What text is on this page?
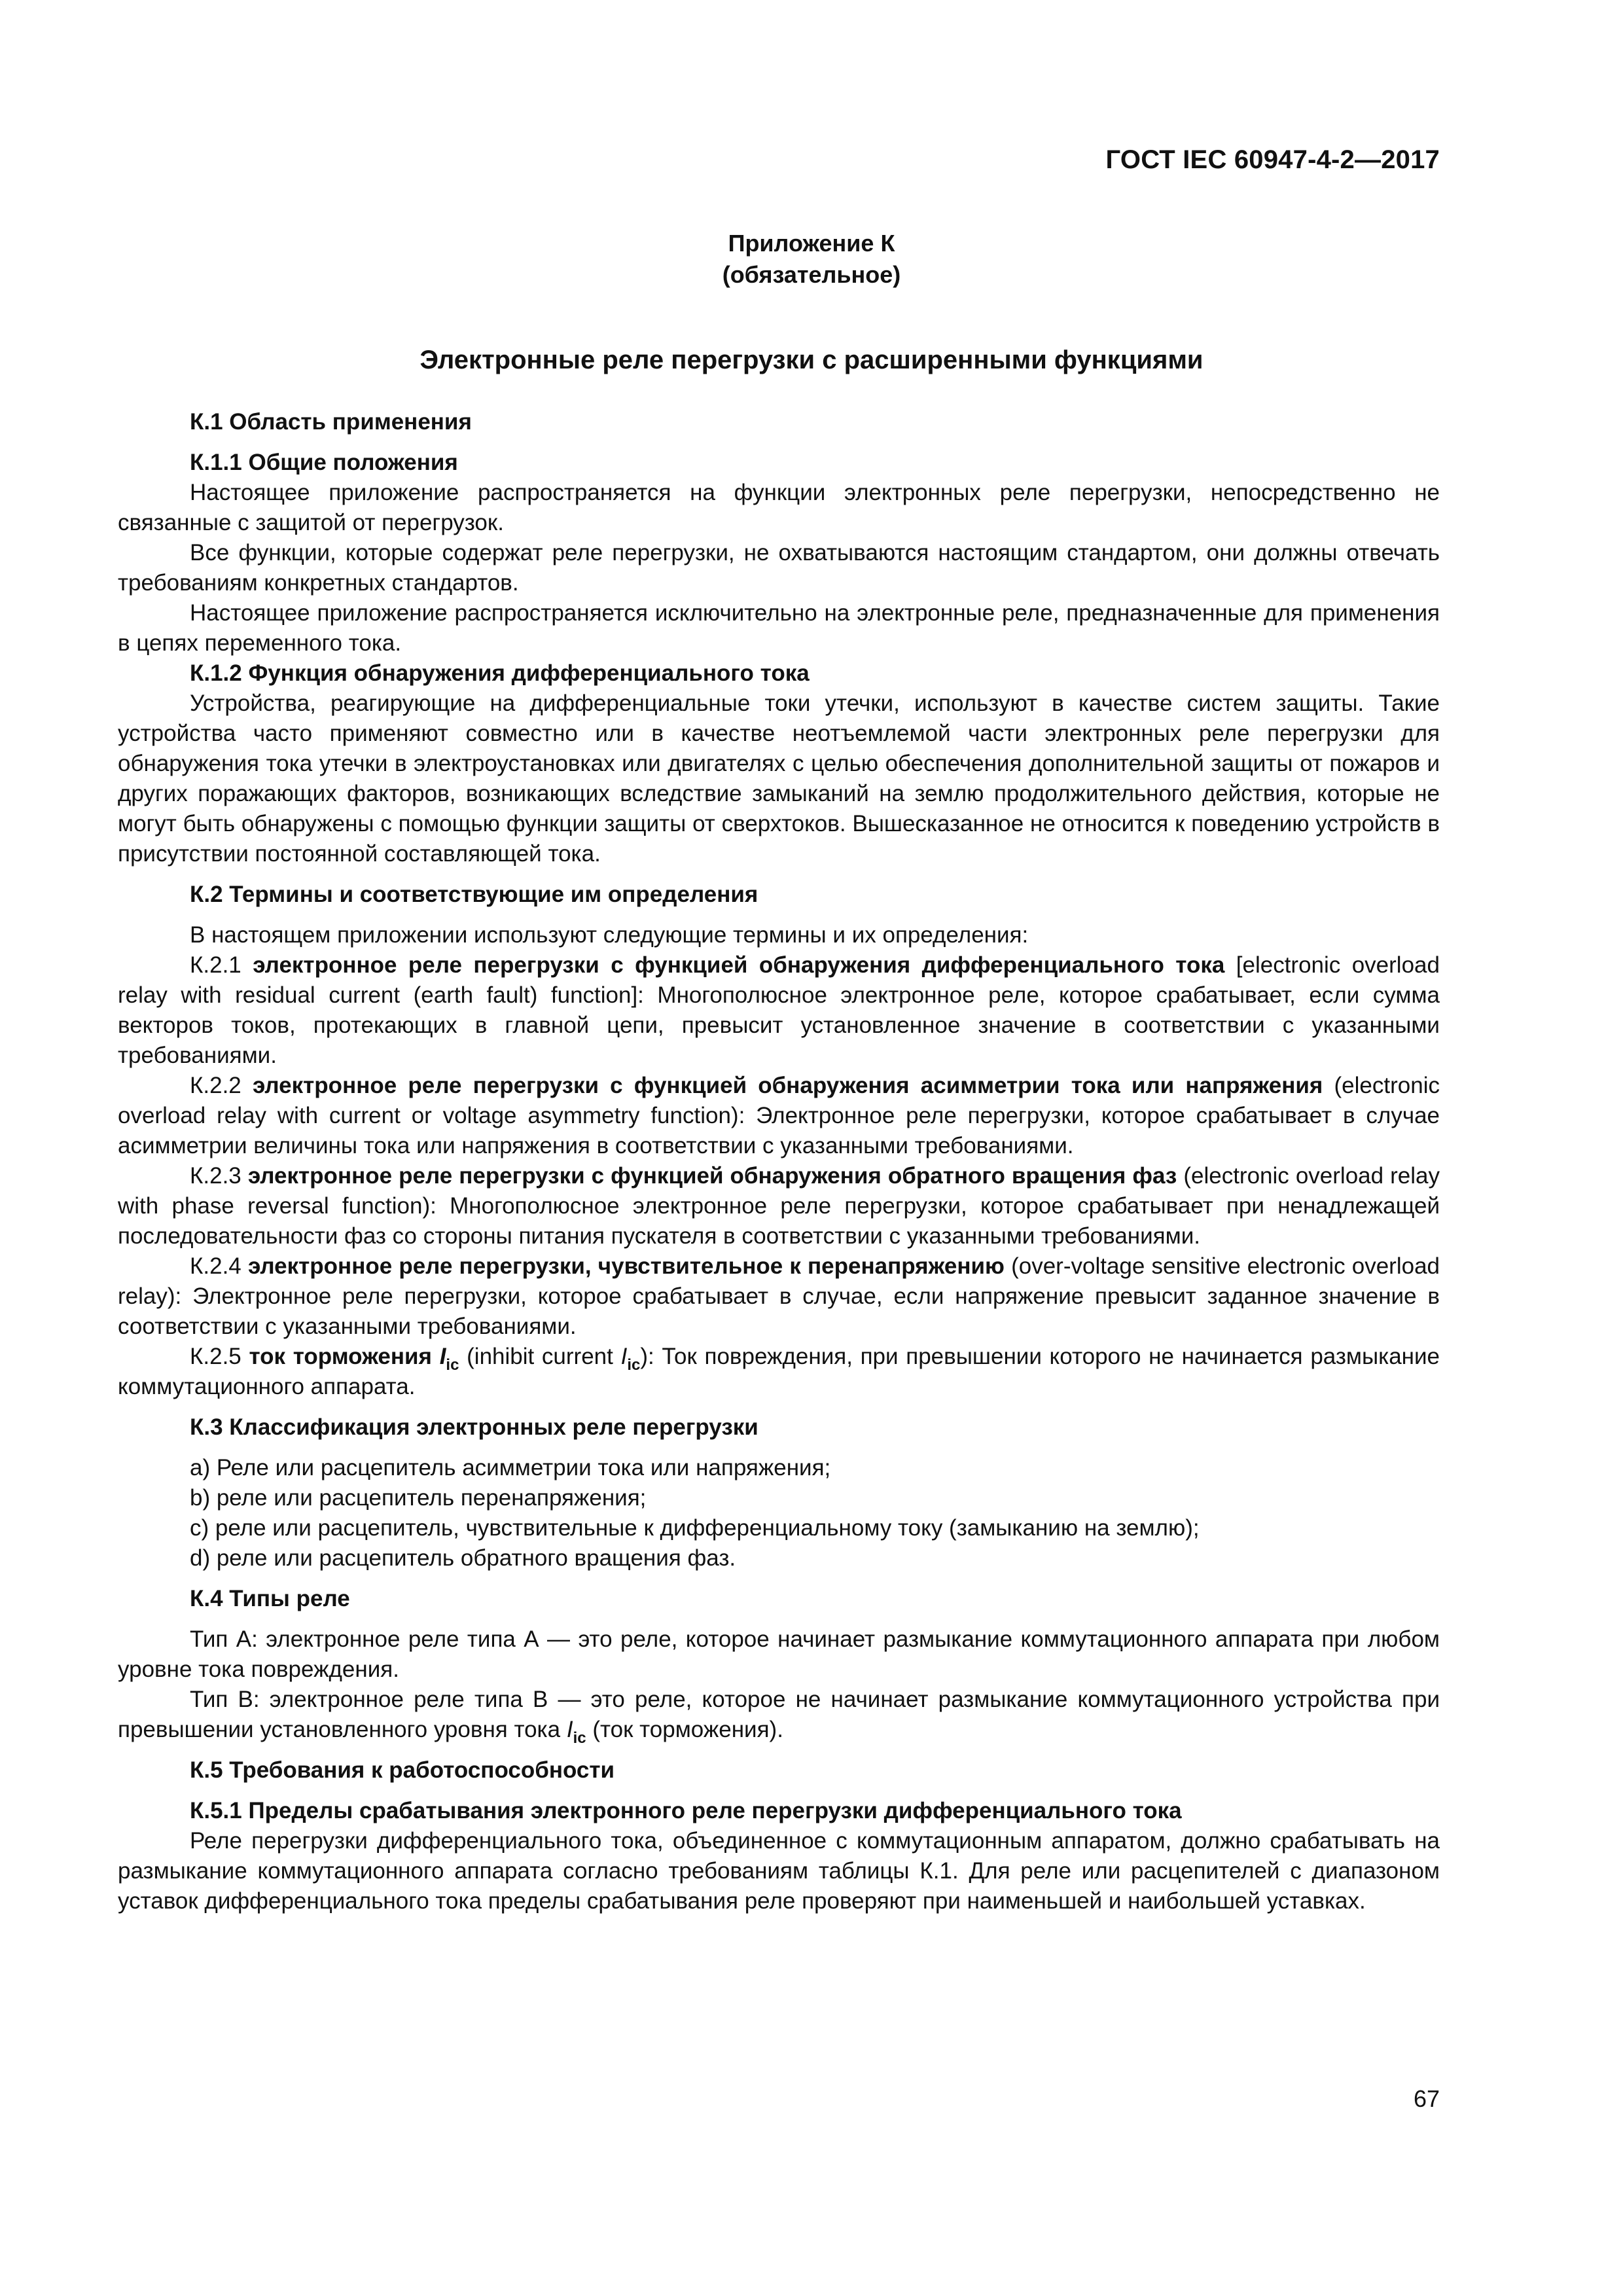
ГОСТ IEC 60947-4-2—2017
Приложение К
(обязательное)
Электронные реле перегрузки с расширенными функциями
К.1 Область применения
К.1.1 Общие положения

Настоящее приложение распространяется на функции электронных реле перегрузки, непосредственно не связанные с защитой от перегрузок.

Все функции, которые содержат реле перегрузки, не охватываются настоящим стандартом, они должны отвечать требованиям конкретных стандартов.

Настоящее приложение распространяется исключительно на электронные реле, предназначенные для применения в цепях переменного тока.

К.1.2 Функция обнаружения дифференциального тока

Устройства, реагирующие на дифференциальные токи утечки, используют в качестве систем защиты. Такие устройства часто применяют совместно или в качестве неотъемлемой части электронных реле перегрузки для обнаружения тока утечки в электроустановках или двигателях с целью обеспечения дополнительной защиты от пожаров и других поражающих факторов, возникающих вследствие замыканий на землю продолжительного действия, которые не могут быть обнаружены с помощью функции защиты от сверхтоков. Вышесказанное не относится к поведению устройств в присутствии постоянной составляющей тока.

К.2 Термины и соответствующие им определения

В настоящем приложении используют следующие термины и их определения:

К.2.1 электронное реле перегрузки с функцией обнаружения дифференциального тока [electronic overload relay with residual current (earth fault) function]: Многополюсное электронное реле, которое срабатывает, если сумма векторов токов, протекающих в главной цепи, превысит установленное значение в соответствии с указанными требованиями.

К.2.2 электронное реле перегрузки с функцией обнаружения асимметрии тока или напряжения (electronic overload relay with current or voltage asymmetry function): Электронное реле перегрузки, которое срабатывает в случае асимметрии величины тока или напряжения в соответствии с указанными требованиями.

К.2.3 электронное реле перегрузки с функцией обнаружения обратного вращения фаз (electronic overload relay with phase reversal function): Многополюсное электронное реле перегрузки, которое срабатывает при ненадлежащей последовательности фаз со стороны питания пускателя в соответствии с указанными требованиями.

К.2.4 электронное реле перегрузки, чувствительное к перенапряжению (over-voltage sensitive electronic overload relay): Электронное реле перегрузки, которое срабатывает в случае, если напряжение превысит заданное значение в соответствии с указанными требованиями.

К.2.5 ток торможения $I_{ic}$ (inhibit current $I_{ic}$): Ток повреждения, при превышении которого не начинается размыкание коммутационного аппарата.

К.3 Классификация электронных реле перегрузки

a) Реле или расцепитель асимметрии тока или напряжения;

b) реле или расцепитель перенапряжения;

c) реле или расцепитель, чувствительные к дифференциальному току (замыканию на землю);

d) реле или расцепитель обратного вращения фаз.

К.4 Типы реле

Тип А: электронное реле типа А — это реле, которое начинает размыкание коммутационного аппарата при любом уровне тока повреждения.

Тип В: электронное реле типа В — это реле, которое не начинает размыкание коммутационного устройства при превышении установленного уровня тока $I_{ic}$ (ток торможения).

К.5 Требования к работоспособности
К.5.1 Пределы срабатывания электронного реле перегрузки дифференциального тока

Реле перегрузки дифференциального тока, объединенное с коммутационным аппаратом, должно срабатывать на размыкание коммутационного аппарата согласно требованиям таблицы К.1. Для реле или расцепителей с диапазоном уставок дифференциального тока пределы срабатывания реле проверяют при наименьшей и наибольшей уставках.

67
